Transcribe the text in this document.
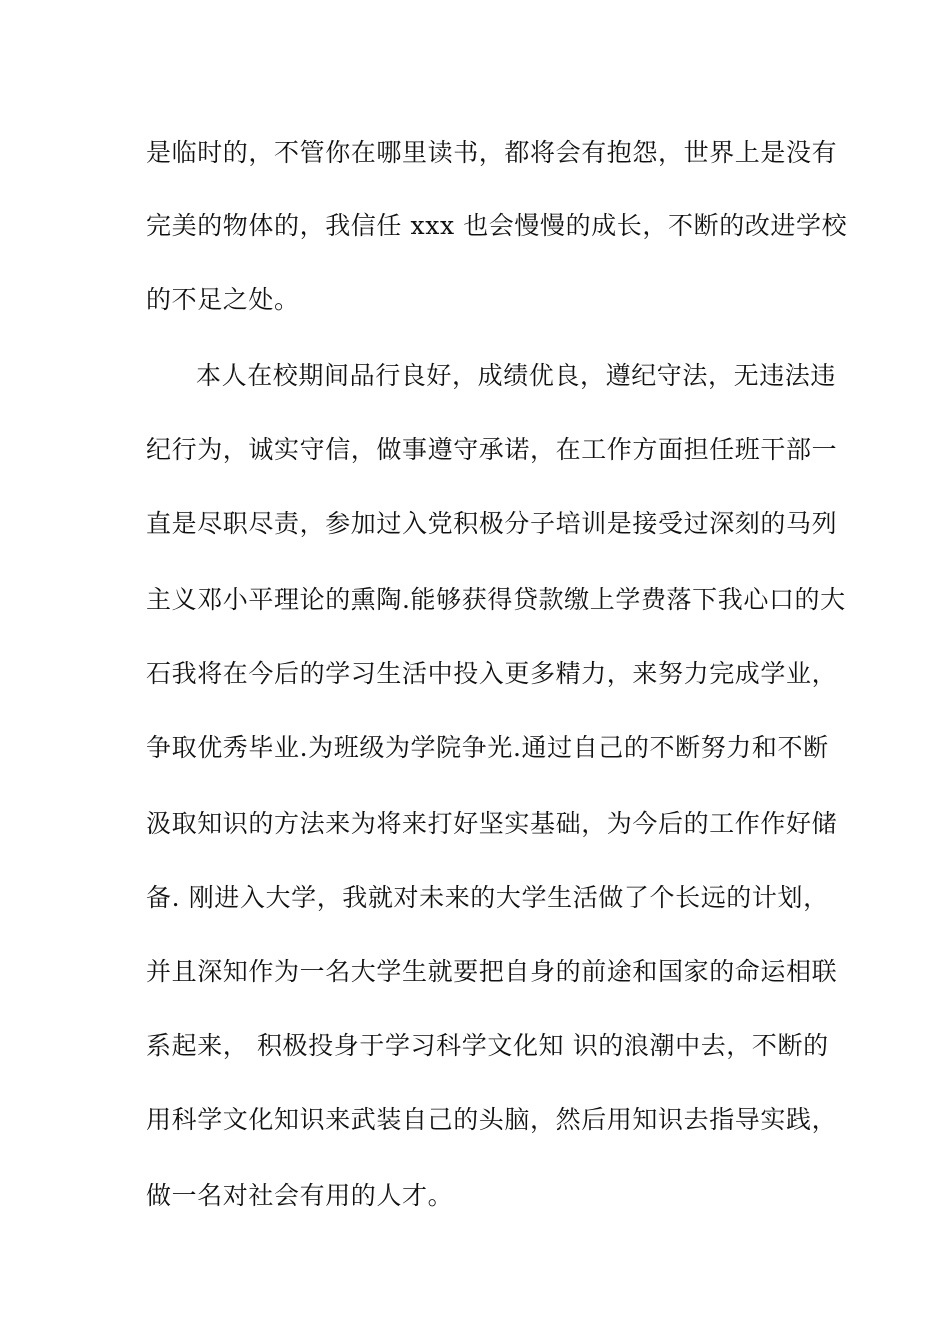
是临时的，不管你在哪里读书，都将会有抱怨，世界上是没有
完美的物体的，我信任 xxx 也会慢慢的成长，不断的改进学校
的不足之处。
本人在校期间品行良好，成绩优良，遵纪守法，无违法违
纪行为，诚实守信，做事遵守承诺，在工作方面担任班干部一
直是尽职尽责，参加过入党积极分子培训是接受过深刻的马列
主义邓小平理论的熏陶.能够获得贷款缴上学费落下我心口的大
石我将在今后的学习生活中投入更多精力，来努力完成学业，
争取优秀毕业.为班级为学院争光.通过自己的不断努力和不断
汲取知识的方法来为将来打好坚实基础，为今后的工作作好储
备. 刚进入大学，我就对未来的大学生活做了个长远的计划，
并且深知作为一名大学生就要把自身的前途和国家的命运相联
系起来， 积极投身于学习科学文化知 识的浪潮中去，不断的
用科学文化知识来武装自己的头脑，然后用知识去指导实践，
做一名对社会有用的人才。
